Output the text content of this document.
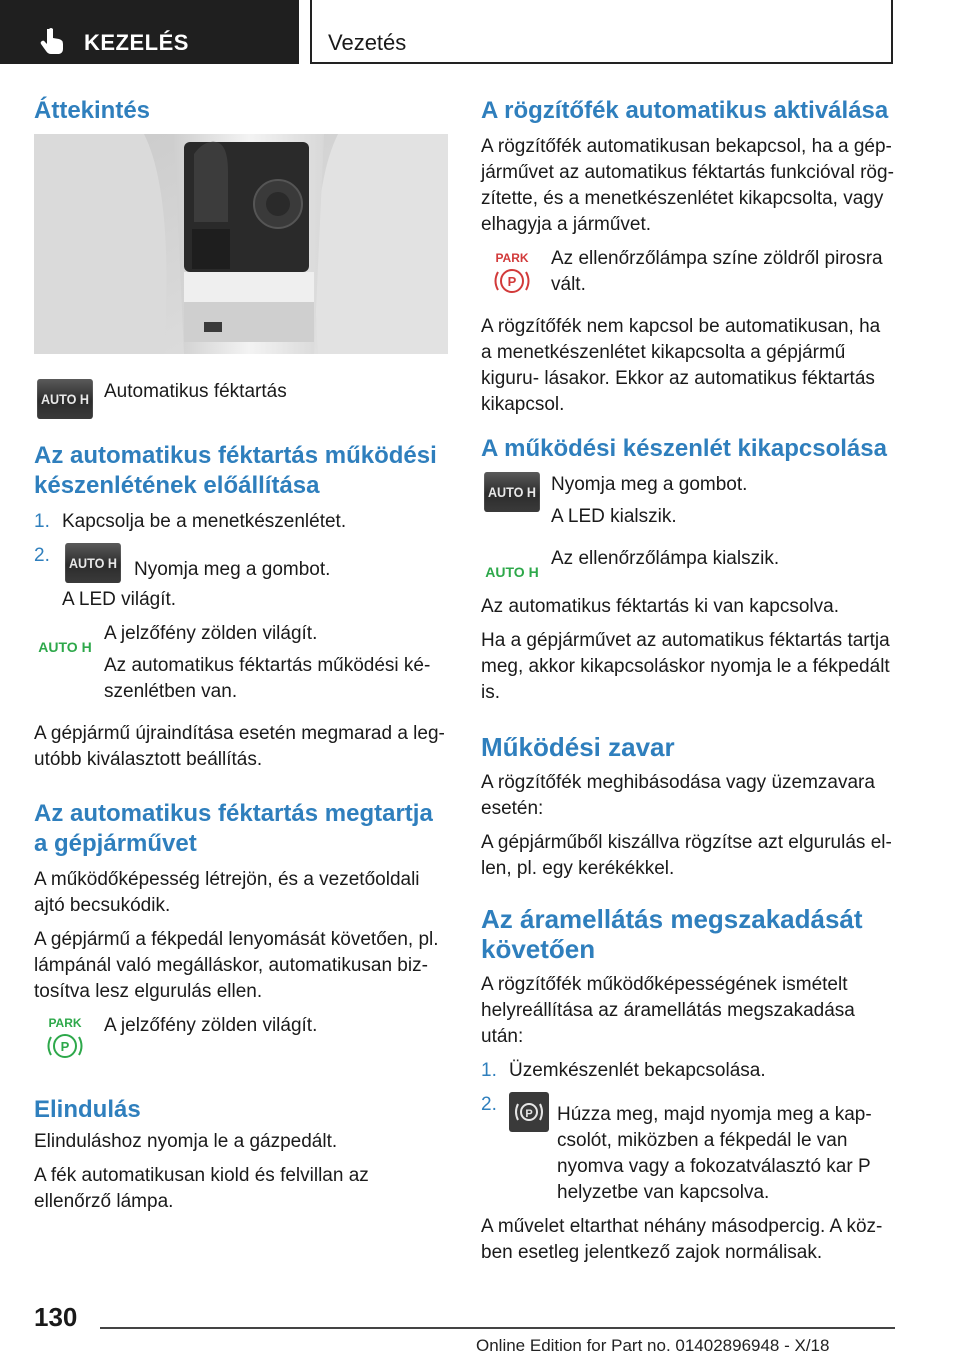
KEZELÉS	Vezetés
Áttekintés
AUTO H Automatikus féktartás
Az automatikus féktartás működési készenlétének előállítása
1. Kapcsolja be a menetkészenlétet.
2.	AUTO H Nyomja meg a gombot.
A LED világít.
AUTO H
A jelzőfény zölden világít.
Az automatikus féktartás működési ké‐ szenlétben van.
A gépjármű újraindítása esetén megmarad a leg‐ utóbb kiválasztott beállítás.
Az automatikus féktartás megtartja a gépjárművet
A működőképesség létrejön, és a vezetőoldali ajtó becsukódik.
A gépjármű a fékpedál lenyomását követően, pl. lámpánál való megálláskor, automatikusan biz‐ tosítva lesz elgurulás ellen.
PARK
P
A jelzőfény zölden világít.
Elindulás
Elinduláshoz nyomja le a gázpedált.
A fék automatikusan kiold és felvillan az ellenőrző lámpa.
A rögzítőfék automatikus aktiválása
A rögzítőfék automatikusan bekapcsol, ha a gép‐ járművet az automatikus féktartás funkcióval rög‐ zítette, és a menetkészenlétet kikapcsolta, vagy elhagyja a járművet.
PARK
P
Az ellenőrzőlámpa színe zöldről pirosra vált.
A rögzítőfék nem kapcsol be automatikusan, ha a menetkészenlétet kikapcsolta a gépjármű kiguru‐ lásakor. Ekkor az automatikus féktartás kikapcsol.
A működési készenlét kikapcsolása
AUTO H Nyomja meg a gombot.
A LED kialszik.
AUTO H
Az ellenőrzőlámpa kialszik.
Az automatikus féktartás ki van kapcsolva.
Ha a gépjárművet az automatikus féktartás tartja meg, akkor kikapcsoláskor nyomja le a fékpedált is.
Működési zavar
A rögzítőfék meghibásodása vagy üzemzavara esetén:
A gépjárműből kiszállva rögzítse azt elgurulás el‐ len, pl. egy kerékékkel.
Az áramellátás megszakadását követően
A rögzítőfék működőképességének ismételt helyreállítása az áramellátás megszakadása után:
1. Üzemkészenlét bekapcsolása.
2.	P Húzza meg, majd nyomja meg a kap‐ csolót, miközben a fékpedál le van nyomva vagy a fokozatválasztó kar P helyzetbe van kapcsolva.
A művelet eltarthat néhány másodpercig. A köz‐ ben esetleg jelentkező zajok normálisak.
130
Online Edition for Part no. 01402896948 - X/18
